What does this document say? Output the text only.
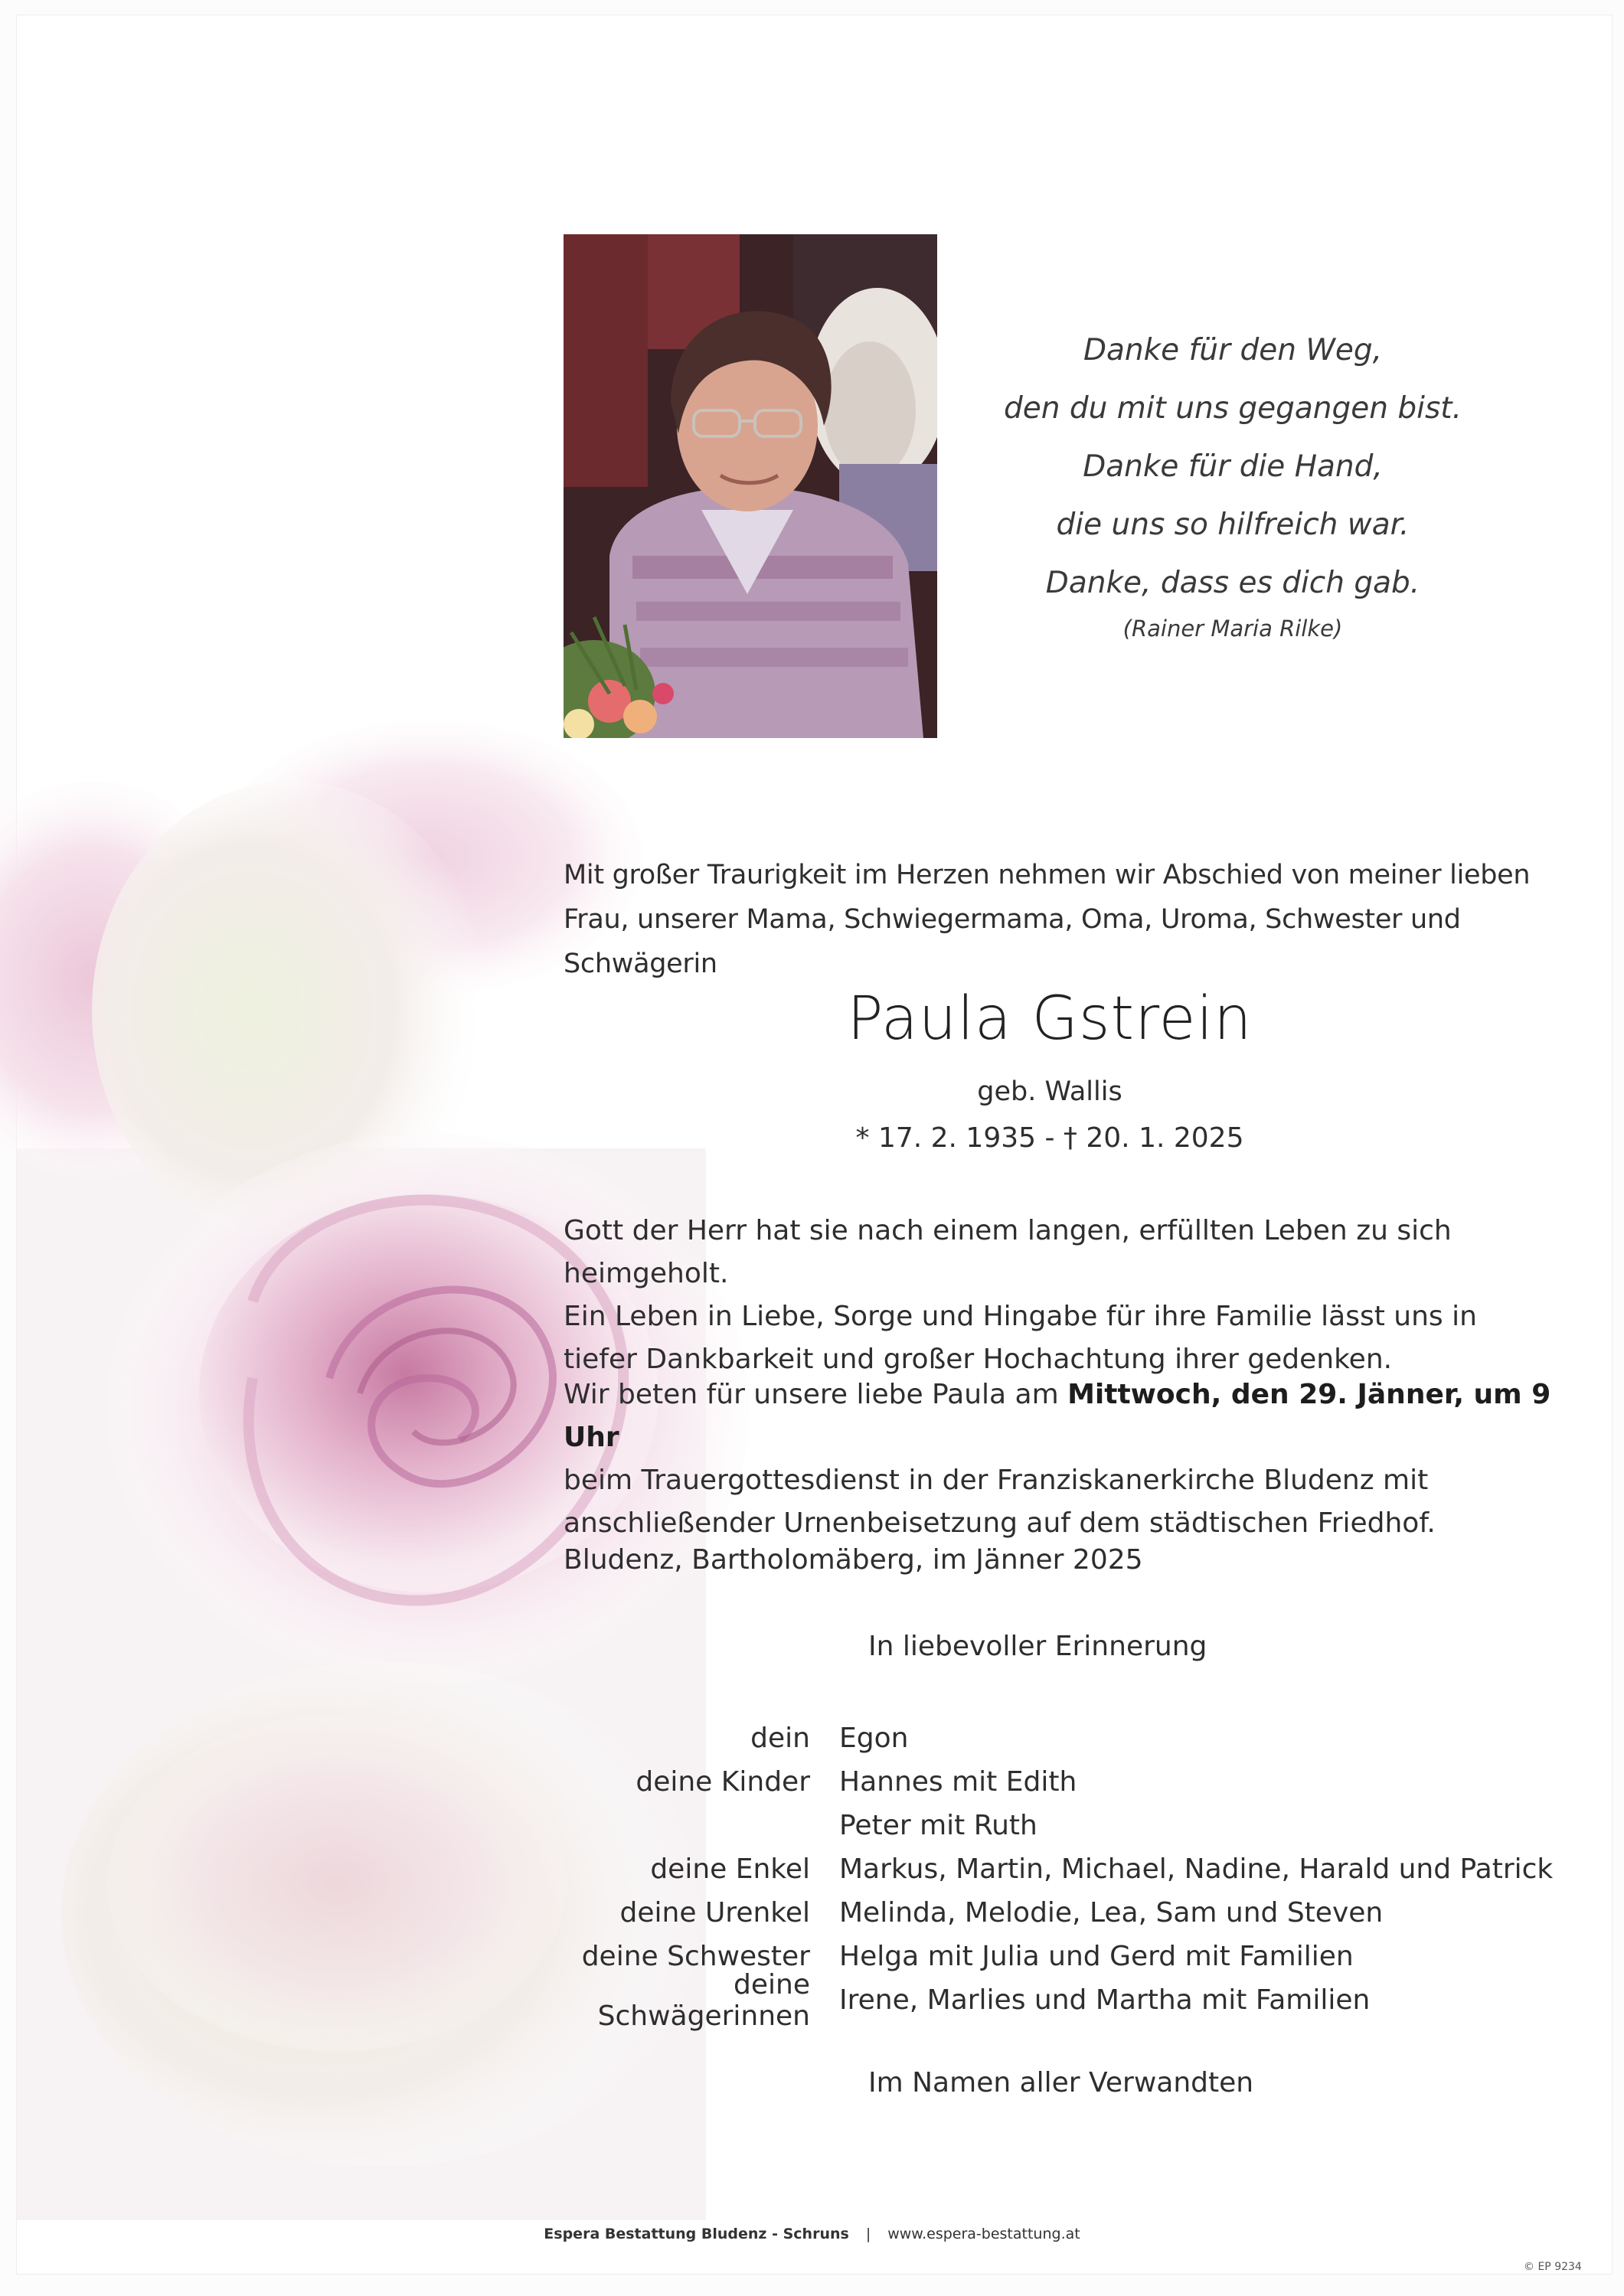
Danke für den Weg,
den du mit uns gegangen bist.
Danke für die Hand,
die uns so hilfreich war.
Danke, dass es dich gab.
(Rainer Maria Rilke)
Mit großer Traurigkeit im Herzen nehmen wir Abschied von meiner lieben
Frau, unserer Mama, Schwiegermama, Oma, Uroma, Schwester und Schwägerin
Paula Gstrein
geb. Wallis
* 17. 2. 1935 - † 20. 1. 2025
Gott der Herr hat sie nach einem langen, erfüllten Leben zu sich heimgeholt.
Ein Leben in Liebe, Sorge und Hingabe für ihre Familie lässt uns in
tiefer Dankbarkeit und großer Hochachtung ihrer gedenken.
Wir beten für unsere liebe Paula am Mittwoch, den 29. Jänner, um 9 Uhr
beim Trauergottesdienst in der Franziskanerkirche Bludenz mit
anschließender Urnenbeisetzung auf dem städtischen Friedhof.
Bludenz, Bartholomäberg, im Jänner 2025
In liebevoller Erinnerung
dein	Egon
deine Kinder	Hannes mit Edith
Peter mit Ruth
deine Enkel	Markus, Martin, Michael, Nadine, Harald und Patrick
deine Urenkel	Melinda, Melodie, Lea, Sam und Steven
deine Schwester	Helga mit Julia und Gerd mit Familien
deine Schwägerinnen	Irene, Marlies und Martha mit Familien
Im Namen aller Verwandten
Espera Bestattung Bludenz - Schruns | www.espera-bestattung.at
© EP 9234
